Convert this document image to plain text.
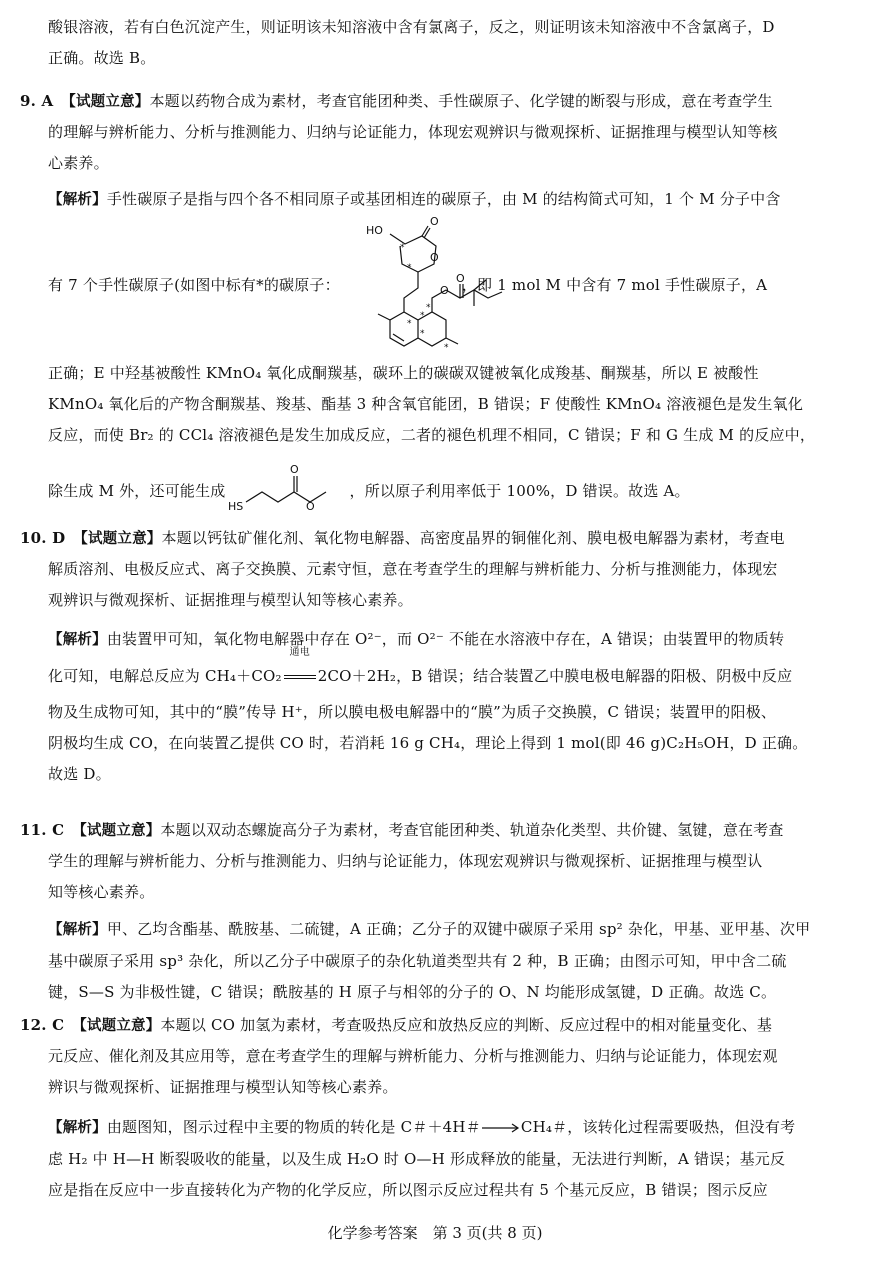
酸银溶液，若有白色沉淀产生，则证明该未知溶液中含有氯离子，反之，则证明该未知溶液中不含氯离子，D
正确。故选 B。
9. A　 【试题立意】本题以药物合成为素材，考查官能团种类、手性碳原子、化学键的断裂与形成，意在考查学生
的理解与辨析能力、分析与推测能力、归纳与论证能力，体现宏观辨识与微观探析、证据推理与模型认知等核
心素养。
【解析】手性碳原子是指与四个各不相同原子或基团相连的碳原子，由 M 的结构简式可知，1 个 M 分子中含
有 7 个手性碳原子(如图中标有*的碳原子：	，即 1 mol M 中含有 7 mol 手性碳原子，A
HO
O
O
O
O
*
*
*
*
*
*
*
正确；E 中羟基被酸性 KMnO₄ 氧化成酮羰基，碳环上的碳碳双键被氧化成羧基、酮羰基，所以 E 被酸性
KMnO₄ 氧化后的产物含酮羰基、羧基、酯基 3 种含氧官能团，B 错误；F 使酸性 KMnO₄ 溶液褪色是发生氧化
反应，而使 Br₂ 的 CCl₄ 溶液褪色是发生加成反应，二者的褪色机理不相同，C 错误；F 和 G 生成 M 的反应中，
除生成 M 外，还可能生成	，所以原子利用率低于 100%，D 错误。故选 A。
HS
O
O
10. D　 【试题立意】本题以钙钛矿催化剂、氧化物电解器、高密度晶界的铜催化剂、膜电极电解器为素材，考查电
解质溶剂、电极反应式、离子交换膜、元素守恒，意在考查学生的理解与辨析能力、分析与推测能力，体现宏
观辨识与微观探析、证据推理与模型认知等核心素养。
【解析】由装置甲可知，氧化物电解器中存在 O²⁻，而 O²⁻ 不能在水溶液中存在，A 错误；由装置甲的物质转
化可知，电解总反应为 CH₄＋CO₂
通电
2CO＋2H₂，B 错误；结合装置乙中膜电极电解器的阳极、阴极中反应
物及生成物可知，其中的“膜”传导 H⁺，所以膜电极电解器中的“膜”为质子交换膜，C 错误；装置甲的阳极、
阴极均生成 CO，在向装置乙提供 CO 时，若消耗 16 g CH₄，理论上得到 1 mol(即 46 g)C₂H₅OH，D 正确。
故选 D。
11. C　 【试题立意】本题以双动态螺旋高分子为素材，考查官能团种类、轨道杂化类型、共价键、氢键，意在考查
学生的理解与辨析能力、分析与推测能力、归纳与论证能力，体现宏观辨识与微观探析、证据推理与模型认
知等核心素养。
【解析】甲、乙均含酯基、酰胺基、二硫键，A 正确；乙分子的双键中碳原子采用 sp² 杂化，甲基、亚甲基、次甲
基中碳原子采用 sp³ 杂化，所以乙分子中碳原子的杂化轨道类型共有 2 种，B 正确；由图示可知，甲中含二硫
键，S—S 为非极性键，C 错误；酰胺基的 H 原子与相邻的分子的 O、N 均能形成氢键，D 正确。故选 C。
12. C　 【试题立意】本题以 CO 加氢为素材，考查吸热反应和放热反应的判断、反应过程中的相对能量变化、基
元反应、催化剂及其应用等，意在考查学生的理解与辨析能力、分析与推测能力、归纳与论证能力，体现宏观
辨识与微观探析、证据推理与模型认知等核心素养。
【解析】由题图知，图示过程中主要的物质的转化是 C＃＋4H＃	CH₄＃，该转化过程需要吸热，但没有考
虑 H₂ 中 H—H 断裂吸收的能量，以及生成 H₂O 时 O—H 形成释放的能量，无法进行判断，A 错误；基元反
应是指在反应中一步直接转化为产物的化学反应，所以图示反应过程共有 5 个基元反应，B 错误；图示反应
化学参考答案　第 3 页(共 8 页)
